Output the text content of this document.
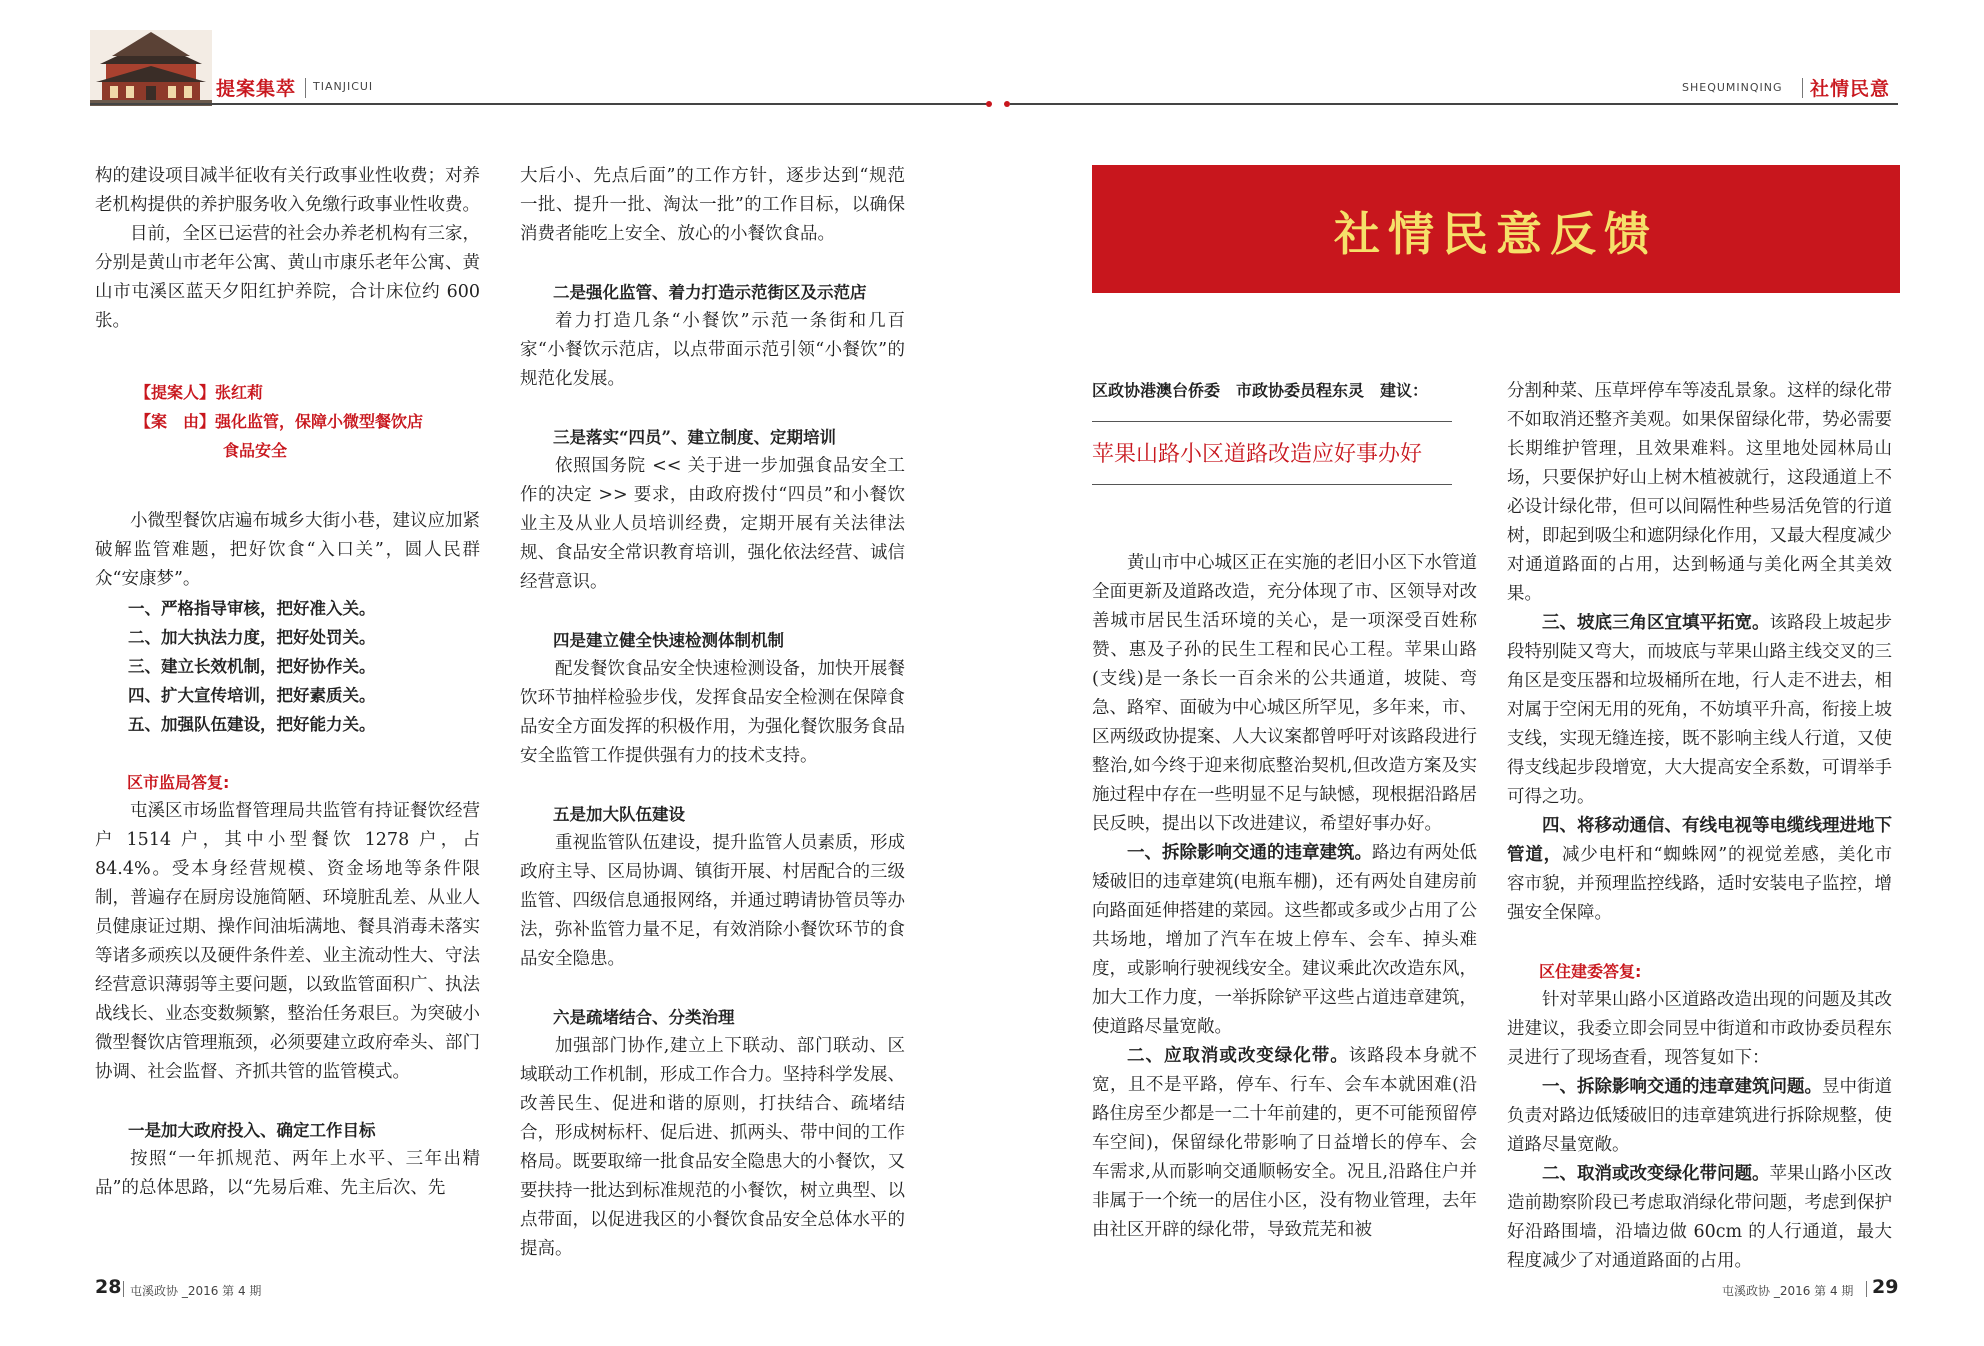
提案集萃 TIANJICUI	SHEQUMINQING 社情民意

构的建设项目减半征收有关行政事业性收费；对养老机构提供的养护服务收入免缴行政事业性收费。

目前，全区已运营的社会办养老机构有三家，分别是黄山市老年公寓、黄山市康乐老年公寓、黄山市屯溪区蓝天夕阳红护养院，合计床位约 600 张。

【提案人】张红莉

【案　由】强化监管，保障小微型餐饮店

食品安全

小微型餐饮店遍布城乡大街小巷，建议应加紧破解监管难题，把好饮食“入口关”，圆人民群众“安康梦”。

一、严格指导审核，把好准入关。

二、加大执法力度，把好处罚关。

三、建立长效机制，把好协作关。

四、扩大宣传培训，把好素质关。

五、加强队伍建设，把好能力关。

区市监局答复:

屯溪区市场监督管理局共监管有持证餐饮经营户 1514 户，其中小型餐饮 1278 户，占 84.4%。受本身经营规模、资金场地等条件限制，普遍存在厨房设施简陋、环境脏乱差、从业人员健康证过期、操作间油垢满地、餐具消毒未落实等诸多顽疾以及硬件条件差、业主流动性大、守法经营意识薄弱等主要问题，以致监管面积广、执法战线长、业态变数频繁，整治任务艰巨。为突破小微型餐饮店管理瓶颈，必须要建立政府牵头、部门协调、社会监督、齐抓共管的监管模式。

一是加大政府投入、确定工作目标

按照“一年抓规范、两年上水平、三年出精品”的总体思路，以“先易后难、先主后次、先

大后小、先点后面”的工作方针，逐步达到“规范一批、提升一批、淘汰一批”的工作目标，以确保消费者能吃上安全、放心的小餐饮食品。

二是强化监管、着力打造示范街区及示范店

着力打造几条“小餐饮”示范一条街和几百家“小餐饮示范店，以点带面示范引领“小餐饮”的规范化发展。

三是落实“四员”、建立制度、定期培训

依照国务院 << 关于进一步加强食品安全工作的决定 >> 要求，由政府拨付“四员”和小餐饮业主及从业人员培训经费，定期开展有关法律法规、食品安全常识教育培训，强化依法经营、诚信经营意识。

四是建立健全快速检测体制机制

配发餐饮食品安全快速检测设备，加快开展餐饮环节抽样检验步伐，发挥食品安全检测在保障食品安全方面发挥的积极作用，为强化餐饮服务食品安全监管工作提供强有力的技术支持。

五是加大队伍建设

重视监管队伍建设，提升监管人员素质，形成政府主导、区局协调、镇街开展、村居配合的三级监管、四级信息通报网络，并通过聘请协管员等办法，弥补监管力量不足，有效消除小餐饮环节的食品安全隐患。

六是疏堵结合、分类治理

加强部门协作,建立上下联动、部门联动、区域联动工作机制，形成工作合力。坚持科学发展、改善民生、促进和谐的原则，打扶结合、疏堵结合，形成树标杆、促后进、抓两头、带中间的工作格局。既要取缔一批食品安全隐患大的小餐饮，又要扶持一批达到标准规范的小餐饮，树立典型、以点带面，以促进我区的小餐饮食品安全总体水平的提高。

社情民意反馈
区政协港澳台侨委　市政协委员程东灵　建议：
苹果山路小区道路改造应好事办好

黄山市中心城区正在实施的老旧小区下水管道全面更新及道路改造，充分体现了市、区领导对改善城市居民生活环境的关心，是一项深受百姓称赞、惠及子孙的民生工程和民心工程。苹果山路(支线)是一条长一百余米的公共通道，坡陡、弯急、路窄、面破为中心城区所罕见，多年来，市、区两级政协提案、人大议案都曾呼吁对该路段进行整治,如今终于迎来彻底整治契机,但改造方案及实施过程中存在一些明显不足与缺憾，现根据沿路居民反映，提出以下改进建议，希望好事办好。

一、拆除影响交通的违章建筑。路边有两处低矮破旧的违章建筑(电瓶车棚)，还有两处自建房前向路面延伸搭建的菜园。这些都或多或少占用了公共场地，增加了汽车在坡上停车、会车、掉头难度，或影响行驶视线安全。建议乘此次改造东风，加大工作力度，一举拆除铲平这些占道违章建筑，使道路尽量宽敞。

二、应取消或改变绿化带。该路段本身就不宽，且不是平路，停车、行车、会车本就困难(沿路住房至少都是一二十年前建的，更不可能预留停车空间)，保留绿化带影响了日益增长的停车、会车需求,从而影响交通顺畅安全。况且,沿路住户并非属于一个统一的居住小区，没有物业管理，去年由社区开辟的绿化带，导致荒芜和被

分割种菜、压草坪停车等凌乱景象。这样的绿化带不如取消还整齐美观。如果保留绿化带，势必需要长期维护管理，且效果难料。这里地处园林局山场，只要保护好山上树木植被就行，这段通道上不必设计绿化带，但可以间隔性种些易活免管的行道树，即起到吸尘和遮阴绿化作用，又最大程度减少对通道路面的占用，达到畅通与美化两全其美效果。

三、坡底三角区宜填平拓宽。该路段上坡起步段特别陡又弯大，而坡底与苹果山路主线交叉的三角区是变压器和垃圾桶所在地，行人走不进去，相对属于空闲无用的死角，不妨填平升高，衔接上坡支线，实现无缝连接，既不影响主线人行道，又使得支线起步段增宽，大大提高安全系数，可谓举手可得之功。

四、将移动通信、有线电视等电缆线理进地下管道，减少电杆和“蜘蛛网”的视觉差感，美化市容市貌，并预理监控线路，适时安装电子监控，增强安全保障。

区住建委答复:

针对苹果山路小区道路改造出现的问题及其改进建议，我委立即会同昱中街道和市政协委员程东灵进行了现场查看，现答复如下：

一、拆除影响交通的违章建筑问题。昱中街道负责对路边低矮破旧的违章建筑进行拆除规整，使道路尽量宽敞。

二、取消或改变绿化带问题。苹果山路小区改造前勘察阶段已考虑取消绿化带问题，考虑到保护好沿路围墙，沿墙边做 60cm 的人行通道，最大程度减少了对通道路面的占用。

28 屯溪政协 _2016 第 4 期	屯溪政协 _2016 第 4 期 29
